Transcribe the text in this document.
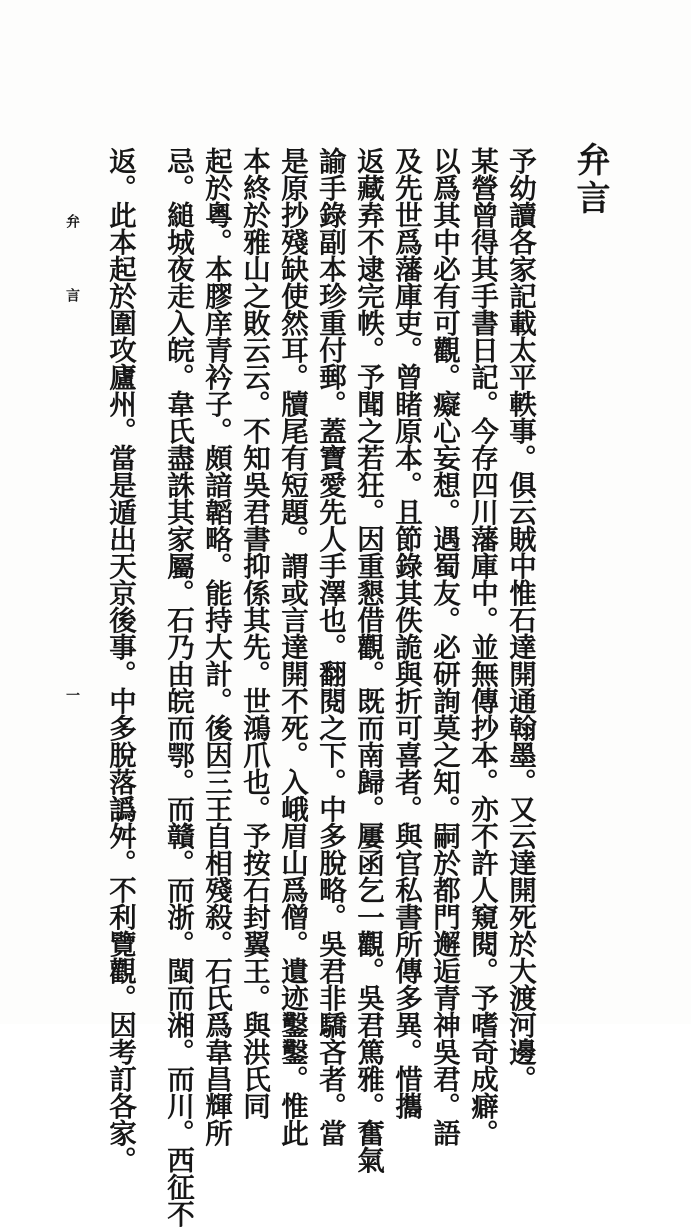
弁言
予幼讀各家記載太平軼事。俱云賊中惟石達開通翰墨。又云達開死於大渡河邊。
某營曾得其手書日記。今存四川藩庫中。並無傳抄本。亦不許人窺閱。予嗜奇成癖。
以爲其中必有可觀。癡心妄想。遇蜀友。必研詢莫之知。嗣於都門邂逅青神吳君。語
及先世爲藩庫吏。曾睹原本。且節錄其佚詭與折可喜者。與官私書所傳多異。惜攜
返藏弆不逮完帙。予聞之若狂。因重懇借觀。既而南歸。屢函乞一觀。吳君篤雅。奮氣
諭手錄副本珍重付郵。蓋寶愛先人手澤也。翻閱之下。中多脫略。吳君非驕吝者。當
是原抄殘缺使然耳。牘尾有短題。謂或言達開不死。入峨眉山爲僧。遺迹鑿鑿。惟此
本終於雅山之敗云云。不知吳君書抑係其先。世鴻爪也。予按石封翼王。與洪氏同
起於粵。本膠庠青衿子。頗諳韜略。能持大計。後因三王自相殘殺。石氏爲韋昌輝所
忌。縋城夜走入皖。韋氏盡誅其家屬。石乃由皖而鄂。而贛。而浙。閩而湘。而川。西征不
返。此本起於圍攻廬州。當是遁出天京後事。中多脫落譌舛。不利覽觀。因考訂各家。
弁言
一
